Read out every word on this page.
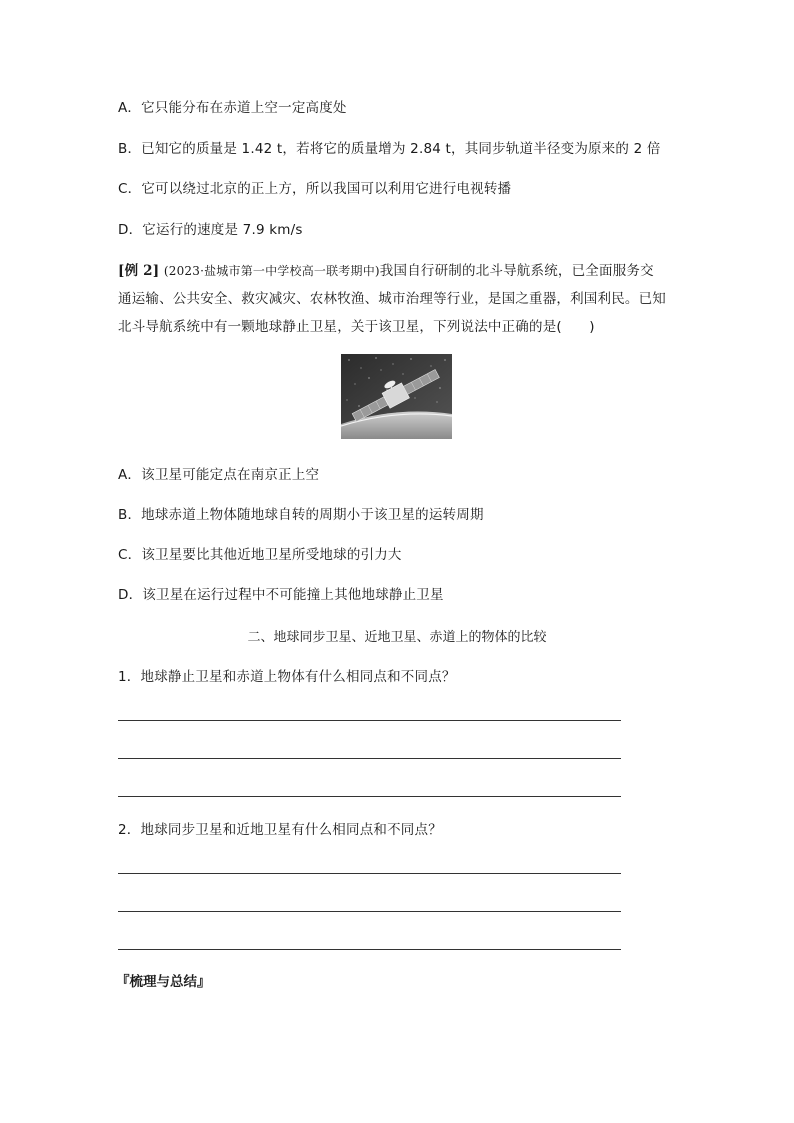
A．它只能分布在赤道上空一定高度处
B．已知它的质量是 1.42 t，若将它的质量增为 2.84 t，其同步轨道半径变为原来的 2 倍
C．它可以绕过北京的正上方，所以我国可以利用它进行电视转播
D．它运行的速度是 7.9 km/s
[例 2] (2023·盐城市第一中学校高一联考期中)我国自行研制的北斗导航系统，已全面服务交
通运输、公共安全、救灾减灾、农林牧渔、城市治理等行业，是国之重器，利国利民。已知
北斗导航系统中有一颗地球静止卫星，关于该卫星，下列说法中正确的是(　　)
A．该卫星可能定点在南京正上空
B．地球赤道上物体随地球自转的周期小于该卫星的运转周期
C．该卫星要比其他近地卫星所受地球的引力大
D．该卫星在运行过程中不可能撞上其他地球静止卫星
二、地球同步卫星、近地卫星、赤道上的物体的比较
1．地球静止卫星和赤道上物体有什么相同点和不同点？
2．地球同步卫星和近地卫星有什么相同点和不同点？
『梳理与总结』
